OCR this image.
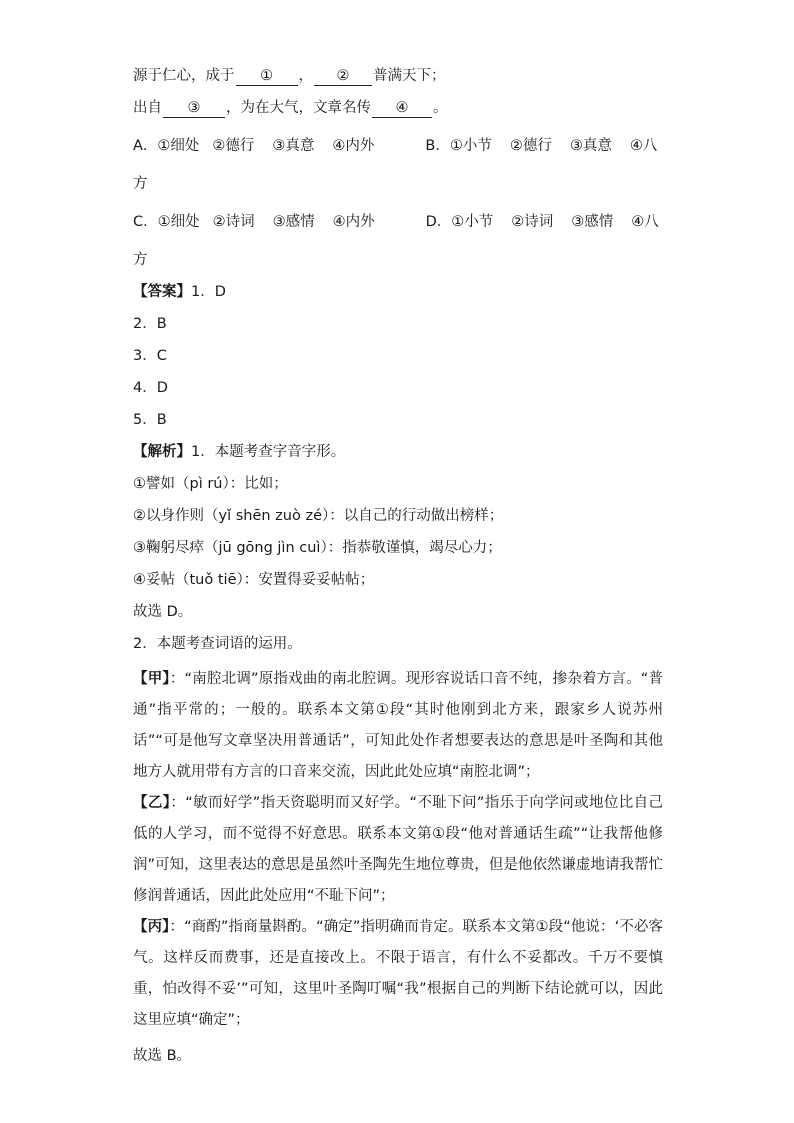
源于仁心，成于 ① ， ② 普满天下；
出自 ③ ，为在大气，文章名传 ④ 。
A．①细处 ②德行 ③真意 ④内外	B．①小节 ②德行 ③真意 ④八
方
C．①细处 ②诗词 ③感情 ④内外	D．①小节 ②诗词 ③感情 ④八
方
【答案】1．D
2．B
3．C
4．D
5．B
【解析】1．本题考查字音字形。
①譬如（pì rú）：比如；
②以身作则（yǐ shēn zuò zé）：以自己的行动做出榜样；
③鞠躬尽瘁（jū gōng jìn cuì）：指恭敬谨慎，竭尽心力；
④妥帖（tuǒ tiē）：安置得妥妥帖帖；
故选 D。
2．本题考查词语的运用。
【甲】：“南腔北调”原指戏曲的南北腔调。现形容说话口音不纯，掺杂着方言。“普通”指平常的；一般的。联系本文第①段“其时他刚到北方来，跟家乡人说苏州话”“可是他写文章坚决用普通话”，可知此处作者想要表达的意思是叶圣陶和其他地方人就用带有方言的口音来交流，因此此处应填“南腔北调”；
【乙】：“敏而好学”指天资聪明而又好学。“不耻下问”指乐于向学问或地位比自己低的人学习，而不觉得不好意思。联系本文第①段“他对普通话生疏”“让我帮他修润”可知，这里表达的意思是虽然叶圣陶先生地位尊贵，但是他依然谦虚地请我帮忙修润普通话，因此此处应用“不耻下问”；
【丙】：“商酌”指商量斟酌。“确定”指明确而肯定。联系本文第①段“他说：‘不必客气。这样反而费事，还是直接改上。不限于语言，有什么不妥都改。千万不要慎重，怕改得不妥’”可知，这里叶圣陶叮嘱“我”根据自己的判断下结论就可以，因此这里应填“确定”；
故选 B。
